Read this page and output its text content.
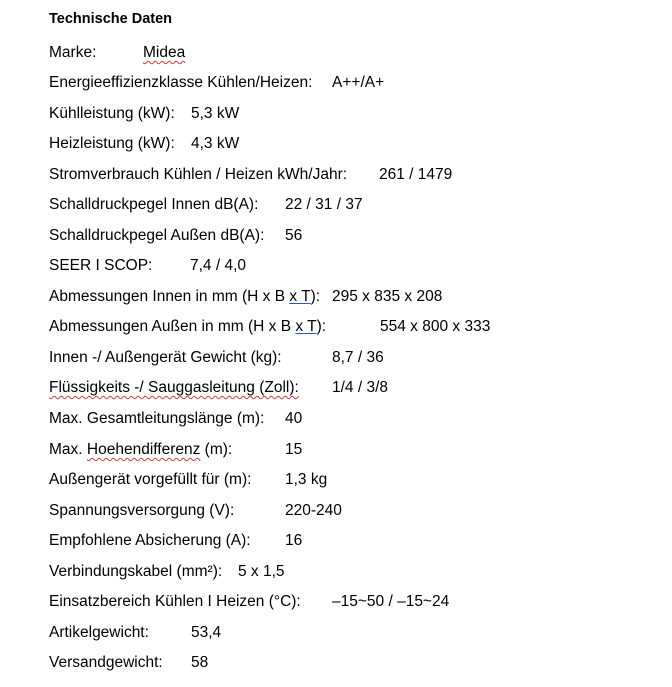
Technische Daten
Marke:	Midea
Energieeffizienzklasse Kühlen/Heizen: A++/A+
Kühlleistung (kW): 5,3 kW
Heizleistung (kW): 4,3 kW
Stromverbrauch Kühlen / Heizen kWh/Jahr: 261 / 1479
Schalldruckpegel Innen dB(A): 22 / 31 / 37
Schalldruckpegel Außen dB(A): 56
SEER I SCOP: 7,4 / 4,0
Abmessungen Innen in mm (H x B x T): 295 x 835 x 208
Abmessungen Außen in mm (H x B x T):	554 x 800 x 333
Innen -/ Außengerät Gewicht (kg):	8,7 / 36
Flüssigkeits -/ Sauggasleitung (Zoll): 1/4 / 3/8
Max. Gesamtleitungslänge (m): 40
Max. Hoehendifferenz (m):	15
Außengerät vorgefüllt für (m): 1,3 kg
Spannungsversorgung (V):	220-240
Empfohlene Absicherung (A): 16
Verbindungskabel (mm²): 5 x 1,5
Einsatzbereich Kühlen I Heizen (°C): –15~50 / –15~24
Artikelgewicht:	53,4
Versandgewicht: 58
